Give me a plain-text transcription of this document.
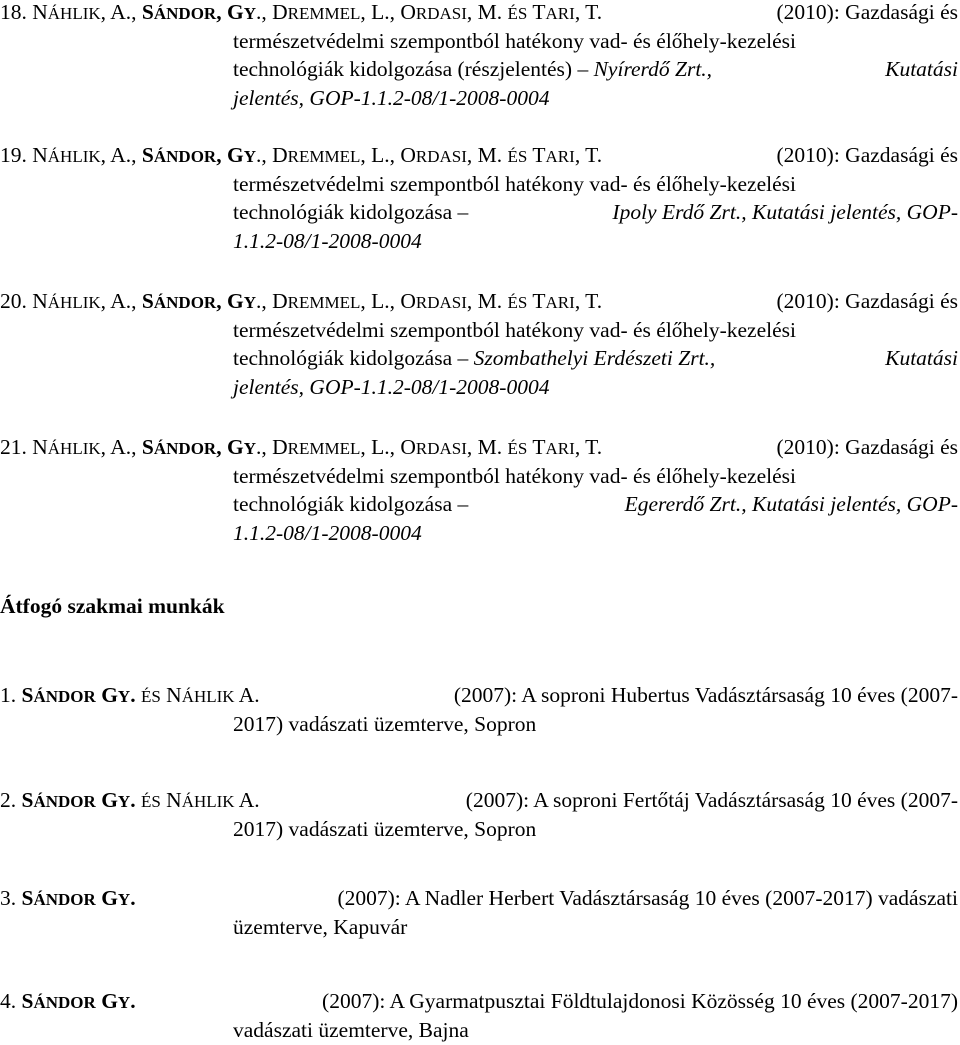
18. NÁHLIK, A., SÁNDOR, GY., DREMMEL, L., ORDASI, M. ÉS TARI, T.	(2010): Gazdasági és
természetvédelmi szempontból hatékony vad- és élőhely-kezelési
technológiák kidolgozása (részjelentés) – Nyírerdő Zrt.,	Kutatási
jelentés, GOP-1.1.2-08/1-2008-0004
19. NÁHLIK, A., SÁNDOR, GY., DREMMEL, L., ORDASI, M. ÉS TARI, T.	(2010): Gazdasági és
természetvédelmi szempontból hatékony vad- és élőhely-kezelési
technológiák kidolgozása –	Ipoly Erdő Zrt., Kutatási jelentés, GOP-
1.1.2-08/1-2008-0004
20. NÁHLIK, A., SÁNDOR, GY., DREMMEL, L., ORDASI, M. ÉS TARI, T.	(2010): Gazdasági és
természetvédelmi szempontból hatékony vad- és élőhely-kezelési
technológiák kidolgozása – Szombathelyi Erdészeti Zrt.,	Kutatási
jelentés, GOP-1.1.2-08/1-2008-0004
21. NÁHLIK, A., SÁNDOR, GY., DREMMEL, L., ORDASI, M. ÉS TARI, T.	(2010): Gazdasági és
természetvédelmi szempontból hatékony vad- és élőhely-kezelési
technológiák kidolgozása –	Egererdő Zrt., Kutatási jelentés, GOP-
1.1.2-08/1-2008-0004
Átfogó szakmai munkák
1. SÁNDOR GY. ÉS NÁHLIK A.	(2007): A soproni Hubertus Vadásztársaság 10 éves (2007-
2017) vadászati üzemterve, Sopron
2. SÁNDOR GY. ÉS NÁHLIK A.	(2007): A soproni Fertőtáj Vadásztársaság 10 éves (2007-
2017) vadászati üzemterve, Sopron
3. SÁNDOR GY.	(2007): A Nadler Herbert Vadásztársaság 10 éves (2007-2017) vadászati
üzemterve, Kapuvár
4. SÁNDOR GY.	(2007): A Gyarmatpusztai Földtulajdonosi Közösség 10 éves (2007-2017)
vadászati üzemterve, Bajna
